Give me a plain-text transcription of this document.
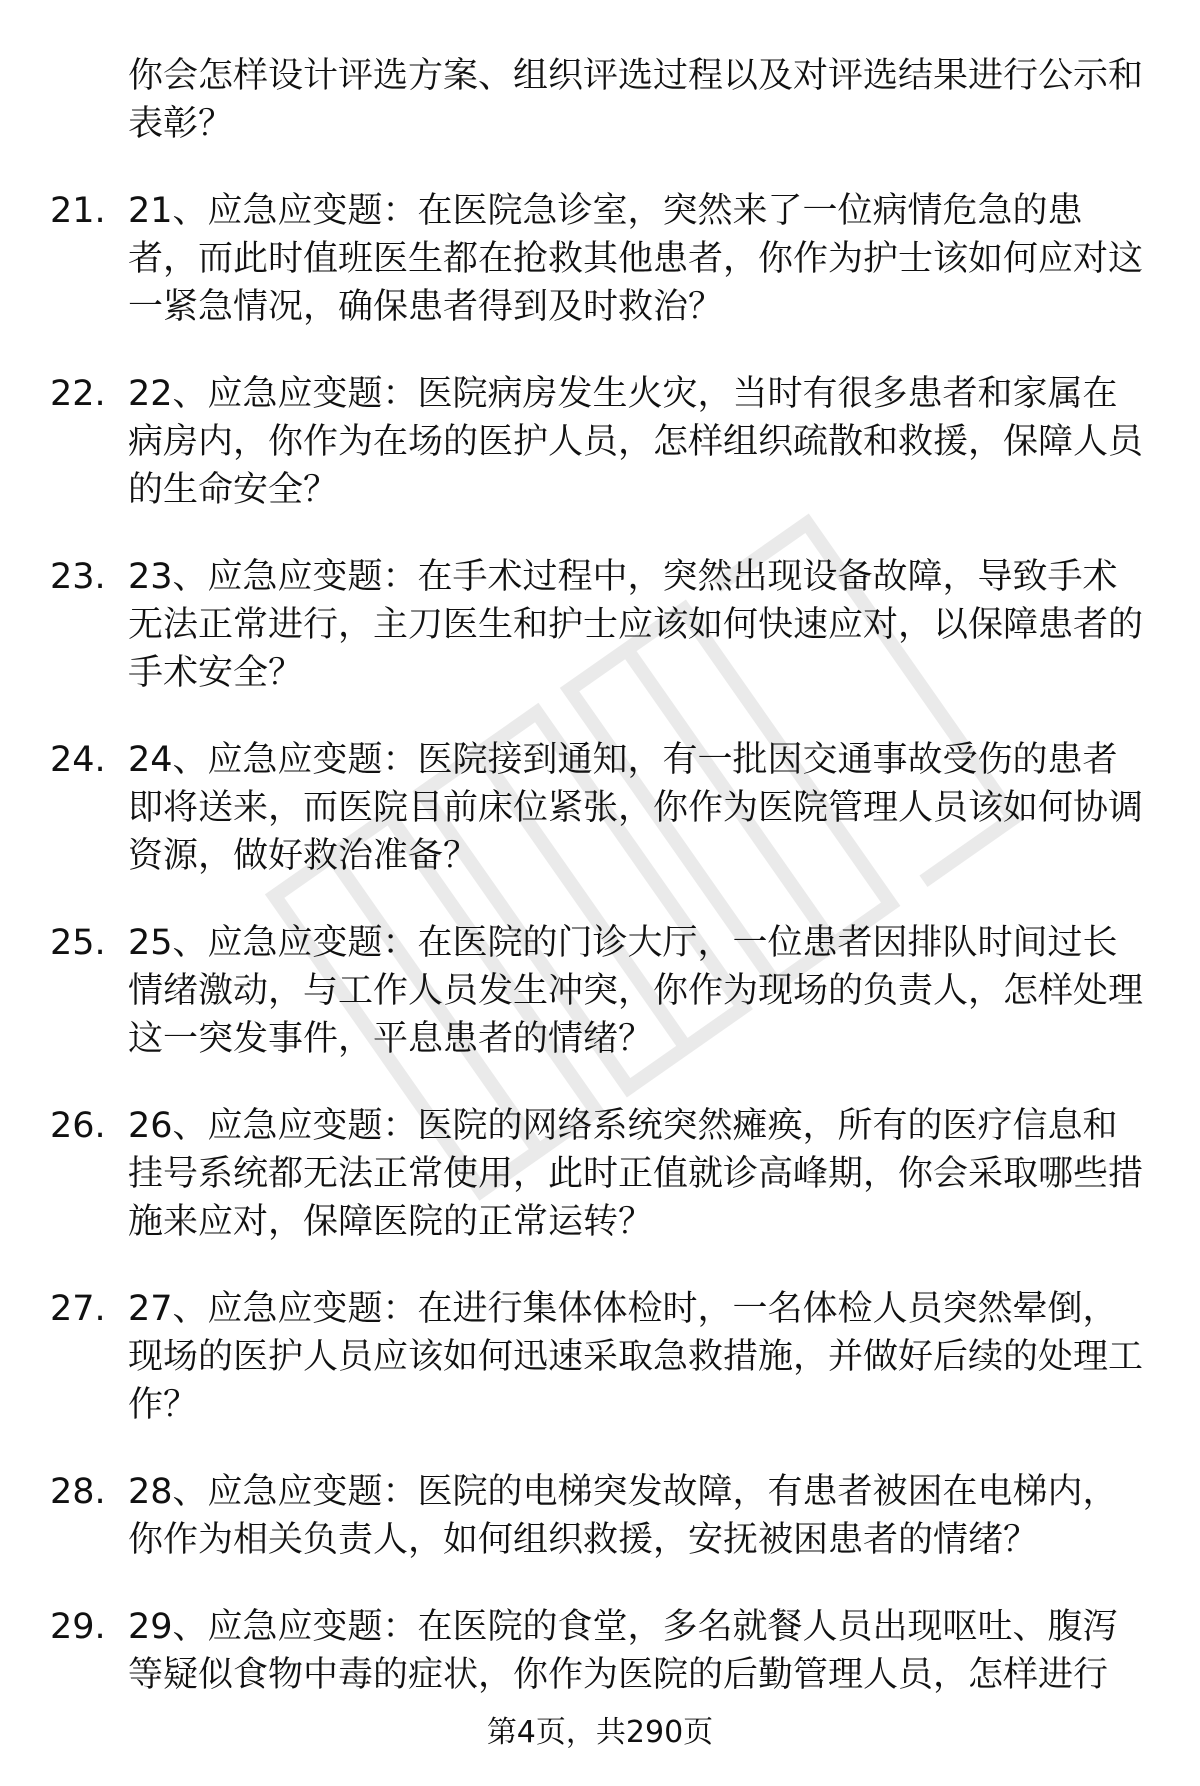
你会怎样设计评选方案、组织评选过程以及对评选结果进行公示和表彰？
21. 21、应急应变题：在医院急诊室，突然来了一位病情危急的患者，而此时值班医生都在抢救其他患者，你作为护士该如何应对这一紧急情况，确保患者得到及时救治？
22. 22、应急应变题：医院病房发生火灾，当时有很多患者和家属在病房内，你作为在场的医护人员，怎样组织疏散和救援，保障人员的生命安全？
23. 23、应急应变题：在手术过程中，突然出现设备故障，导致手术无法正常进行，主刀医生和护士应该如何快速应对，以保障患者的手术安全？
24. 24、应急应变题：医院接到通知，有一批因交通事故受伤的患者即将送来，而医院目前床位紧张，你作为医院管理人员该如何协调资源，做好救治准备？
25. 25、应急应变题：在医院的门诊大厅，一位患者因排队时间过长情绪激动，与工作人员发生冲突，你作为现场的负责人，怎样处理这一突发事件，平息患者的情绪？
26. 26、应急应变题：医院的网络系统突然瘫痪，所有的医疗信息和挂号系统都无法正常使用，此时正值就诊高峰期，你会采取哪些措施来应对，保障医院的正常运转？
27. 27、应急应变题：在进行集体体检时，一名体检人员突然晕倒，现场的医护人员应该如何迅速采取急救措施，并做好后续的处理工作？
28. 28、应急应变题：医院的电梯突发故障，有患者被困在电梯内，你作为相关负责人，如何组织救援，安抚被困患者的情绪？
29. 29、应急应变题：在医院的食堂，多名就餐人员出现呕吐、腹泻等疑似食物中毒的症状，你作为医院的后勤管理人员，怎样进行
第4页，共290页
